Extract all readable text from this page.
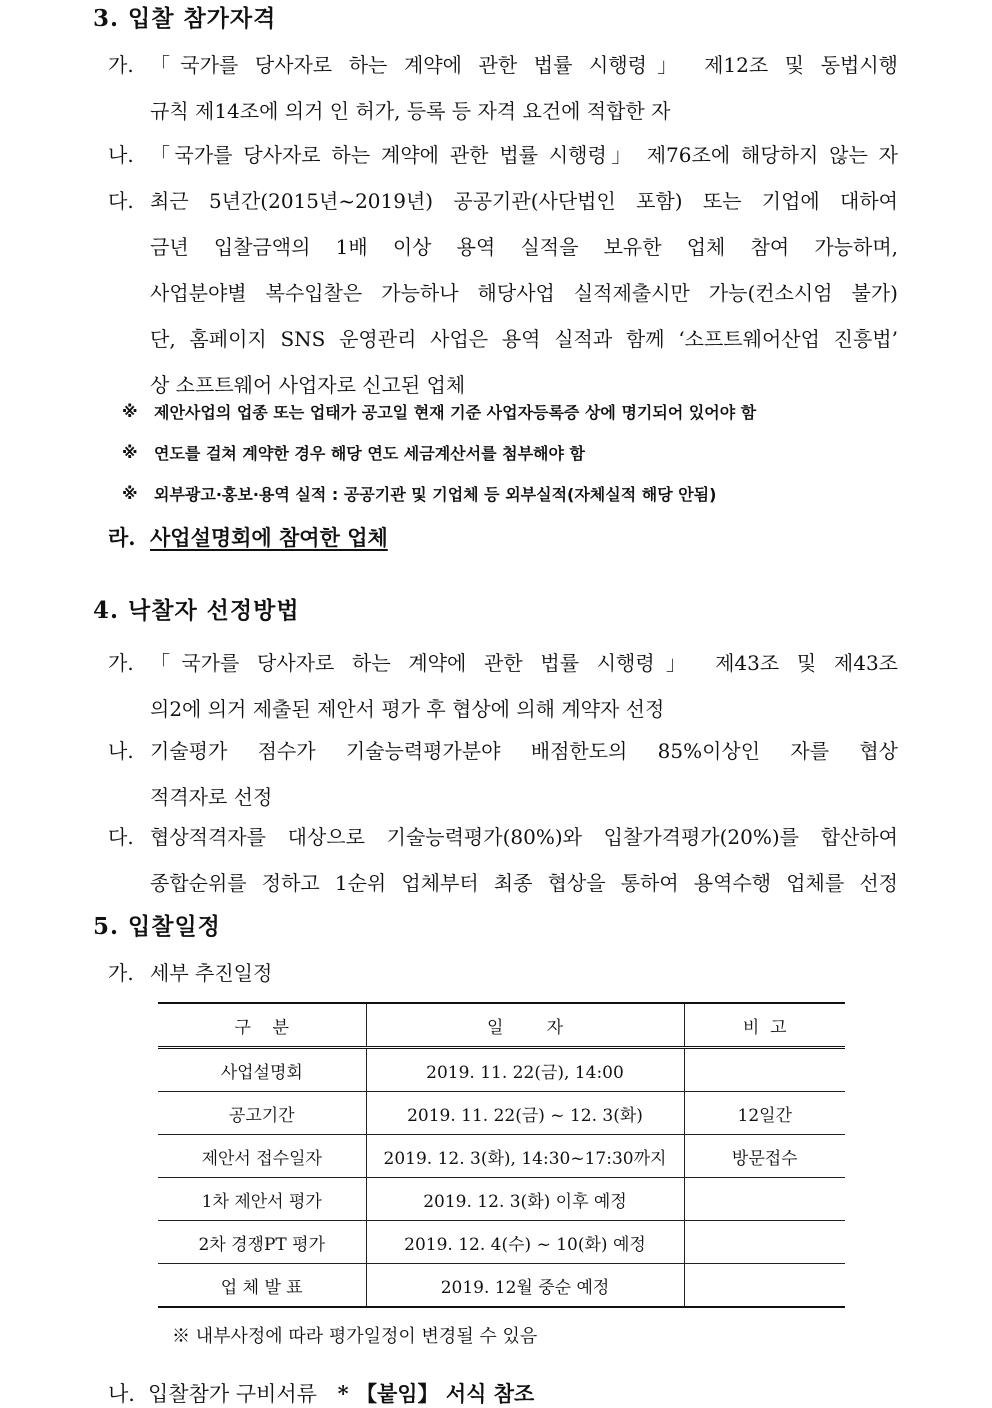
3. 입찰 참가자격
가. 「국가를 당사자로 하는 계약에 관한 법률 시행령」 제12조 및 동법시행
규칙 제14조에 의거 인 허가, 등록 등 자격 요건에 적합한 자
나. 「국가를 당사자로 하는 계약에 관한 법률 시행령」 제76조에 해당하지 않는 자
다. 최근 5년간(2015년~2019년) 공공기관(사단법인 포함) 또는 기업에 대하여
금년 입찰금액의 1배 이상 용역 실적을 보유한 업체 참여 가능하며,
사업분야별 복수입찰은 가능하나 해당사업 실적제출시만 가능(컨소시엄 불가)
단, 홈페이지 SNS 운영관리 사업은 용역 실적과 함께 ‘소프트웨어산업 진흥법’
상 소프트웨어 사업자로 신고된 업체
※	제안사업의 업종 또는 업태가 공고일 현재 기준 사업자등록증 상에 명기되어 있어야 함
※	연도를 걸쳐 계약한 경우 해당 연도 세금계산서를 첨부해야 함
※	외부광고·홍보·용역 실적 : 공공기관 및 기업체 등 외부실적(자체실적 해당 안됨)
라. 사업설명회에 참여한 업체
4. 낙찰자 선정방법
가. 「국가를 당사자로 하는 계약에 관한 법률 시행령」 제43조 및 제43조
의2에 의거 제출된 제안서 평가 후 협상에 의해 계약자 선정
나. 기술평가 점수가 기술능력평가분야 배점한도의 85%이상인 자를 협상
적격자로 선정
다. 협상적격자를 대상으로 기술능력평가(80%)와 입찰가격평가(20%)를 합산하여
종합순위를 정하고 1순위 업체부터 최종 협상을 통하여 용역수행 업체를 선정
5. 입찰일정
가. 세부 추진일정
구    분	일        자	비  고
사업설명회	2019. 11. 22(금), 14:00	
공고기간	2019. 11. 22(금) ~ 12. 3(화)	12일간
제안서 접수일자	2019. 12. 3(화), 14:30~17:30까지	방문접수
1차 제안서 평가	2019. 12. 3(화) 이후 예정	
2차 경쟁PT 평가	2019. 12. 4(수) ~ 10(화) 예정	
업 체 발 표	2019. 12월 중순 예정	
※ 내부사정에 따라 평가일정이 변경될 수 있음
나. 입찰참가 구비서류 * 【붙임】 서식 참조
